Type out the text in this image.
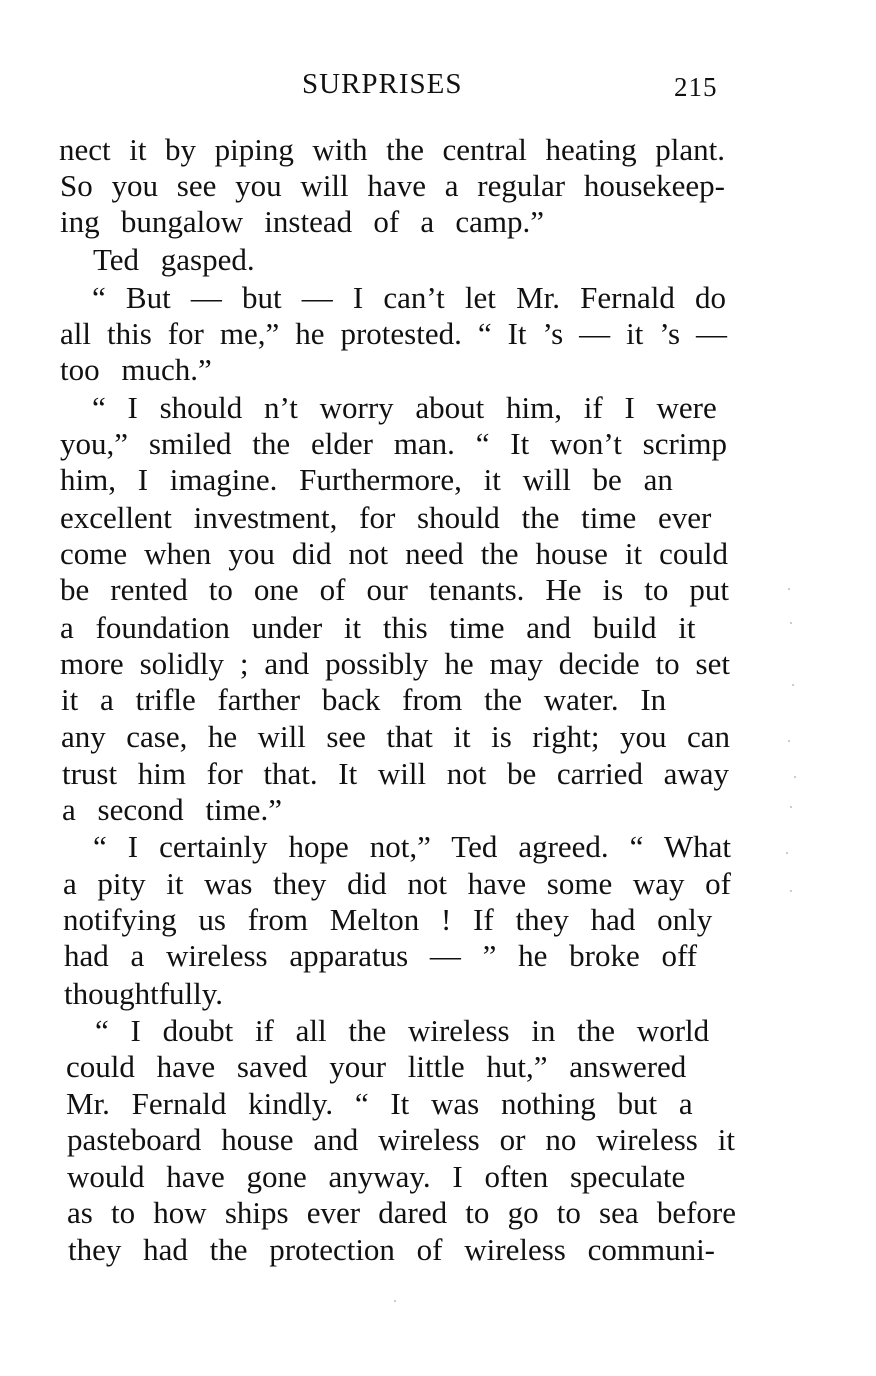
SURPRISES	215
nect it by piping with the central heating plant.
So you see you will have a regular housekeep-
ing bungalow instead of a camp.”
Ted gasped.
“ But — but — I can’t let Mr. Fernald do
all this for me,” he protested. “ It ’s — it ’s —
too much.”
“ I should n’t worry about him, if I were
you,” smiled the elder man. “ It won’t scrimp
him, I imagine. Furthermore, it will be an
excellent investment, for should the time ever
come when you did not need the house it could
be rented to one of our tenants. He is to put
a foundation under it this time and build it
more solidly ; and possibly he may decide to set
it a trifle farther back from the water. In
any case, he will see that it is right; you can
trust him for that. It will not be carried away
a second time.”
“ I certainly hope not,” Ted agreed. “ What
a pity it was they did not have some way of
notifying us from Melton ! If they had only
had a wireless apparatus — ” he broke off
thoughtfully.
“ I doubt if all the wireless in the world
could have saved your little hut,” answered
Mr. Fernald kindly. “ It was nothing but a
pasteboard house and wireless or no wireless it
would have gone anyway. I often speculate
as to how ships ever dared to go to sea before
they had the protection of wireless communi-
